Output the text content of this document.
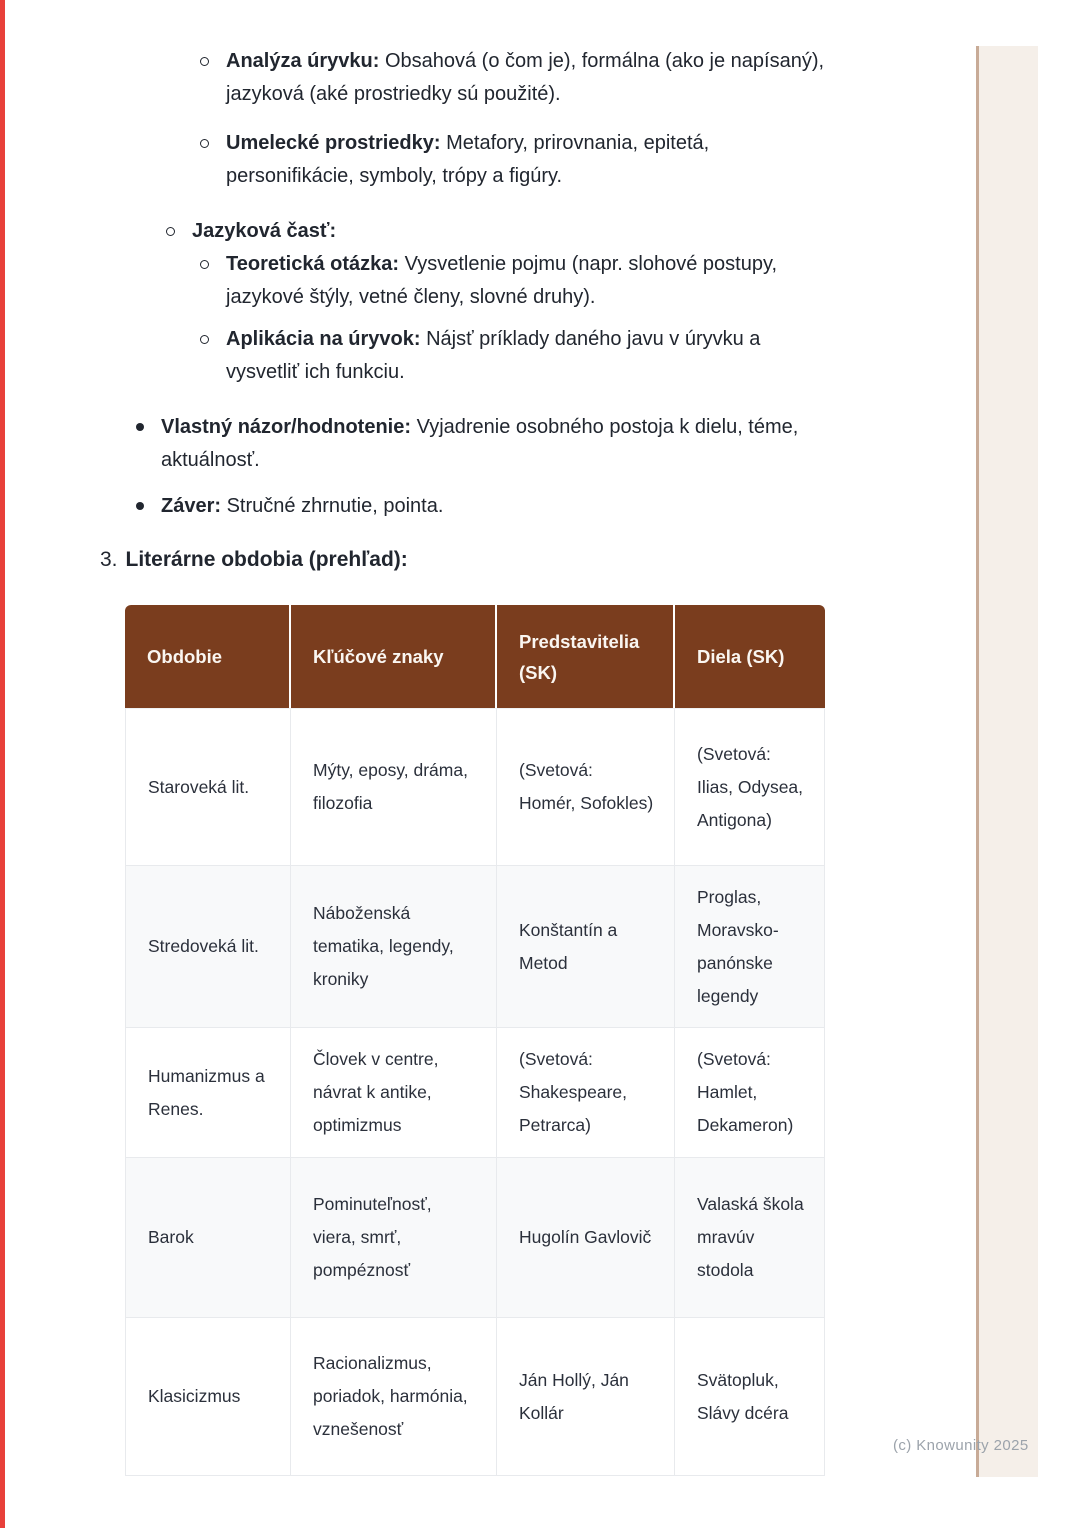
Analýza úryvku: Obsahová (o čom je), formálna (ako je napísaný), jazyková (aké prostriedky sú použité).
Umelecké prostriedky: Metafory, prirovnania, epitetá, personifikácie, symboly, trópy a figúry.
Jazyková časť:
Teoretická otázka: Vysvetlenie pojmu (napr. slohové postupy, jazykové štýly, vetné členy, slovné druhy).
Aplikácia na úryvok: Nájsť príklady daného javu v úryvku a vysvetliť ich funkciu.
Vlastný názor/hodnotenie: Vyjadrenie osobného postoja k dielu, téme, aktuálnosť.
Záver: Stručné zhrnutie, pointa.
3. Literárne obdobia (prehľad):
Obdobie	Kľúčové znaky	Predstavitelia (SK)	Diela (SK)
Staroveká lit.	Mýty, eposy, dráma, filozofia	(Svetová: Homér, Sofokles)	(Svetová: Ilias, Odysea, Antigona)
Stredoveká lit.	Náboženská tematika, legendy, kroniky	Konštantín a Metod	Proglas, Moravsko-panónske legendy
Humanizmus a Renes.	Človek v centre, návrat k antike, optimizmus	(Svetová: Shakespeare, Petrarca)	(Svetová: Hamlet, Dekameron)
Barok	Pominuteľnosť, viera, smrť, pompéznosť	Hugolín Gavlovič	Valaská škola mravúv stodola
Klasicizmus	Racionalizmus, poriadok, harmónia, vznešenosť	Ján Hollý, Ján Kollár	Svätopluk, Slávy dcéra
(c) Knowunity 2025
